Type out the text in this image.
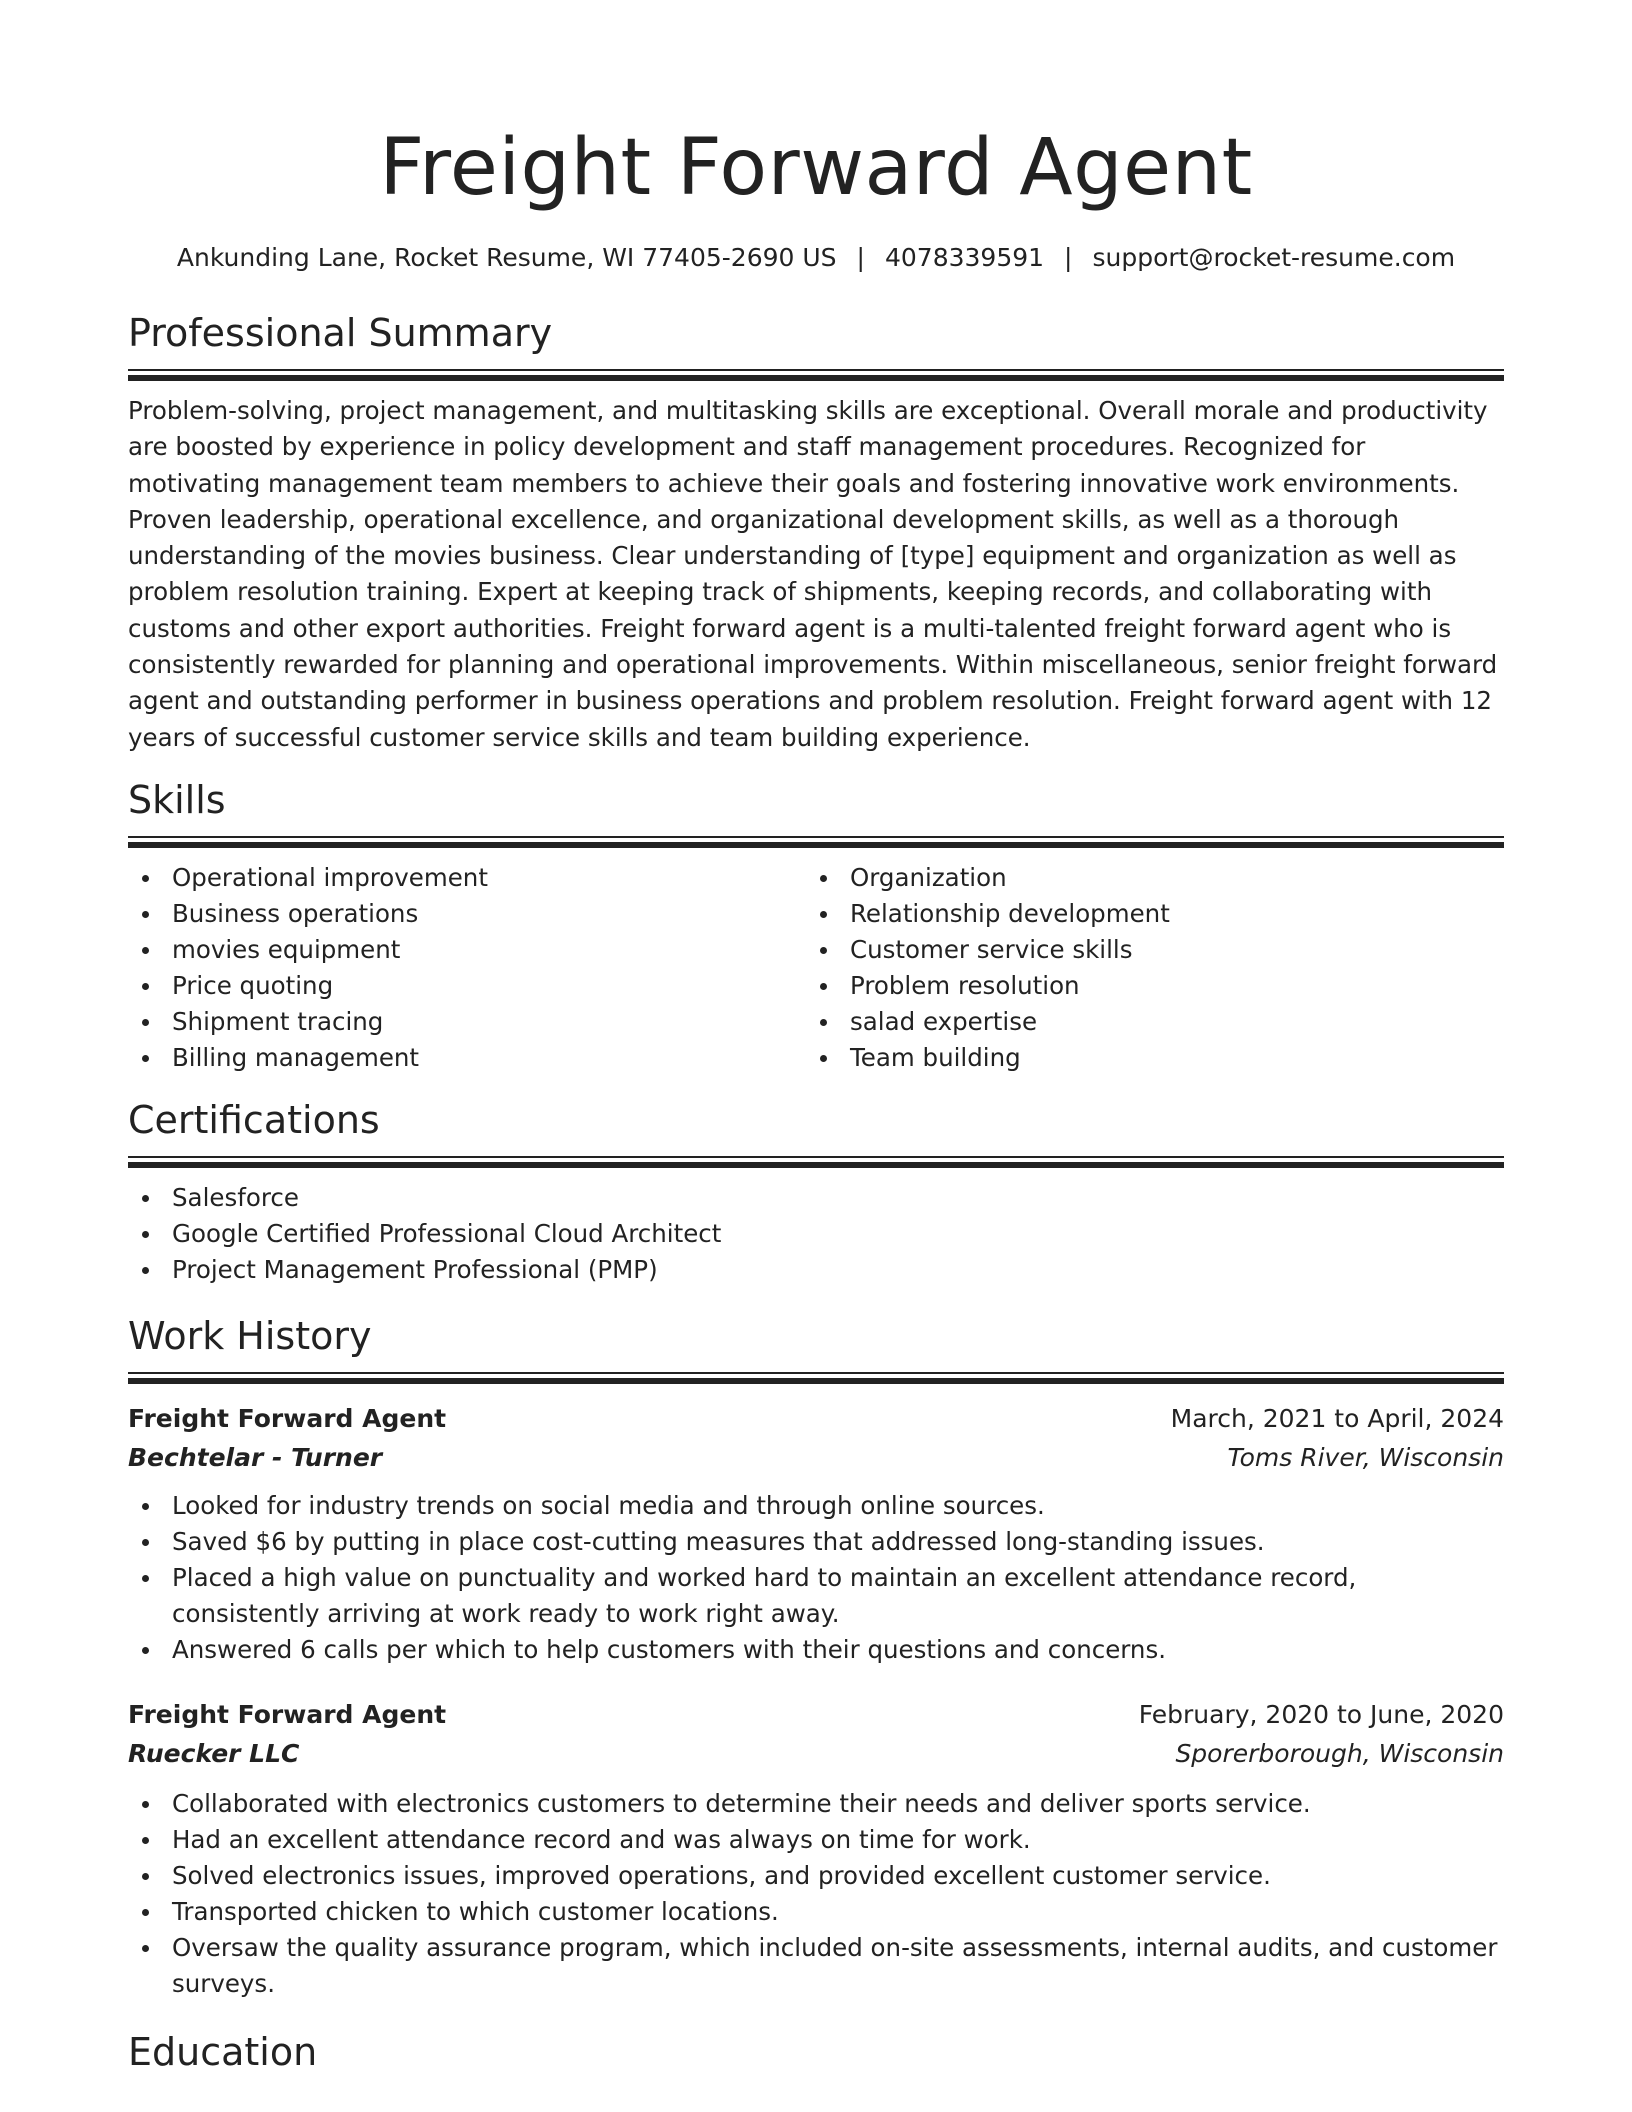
Freight Forward Agent
Ankunding Lane, Rocket Resume, WI 77405-2690 US | 4078339591 | support@rocket-resume.com
Professional Summary
Problem-solving, project management, and multitasking skills are exceptional. Overall morale and productivity are boosted by experience in policy development and staff management procedures. Recognized for motivating management team members to achieve their goals and fostering innovative work environments. Proven leadership, operational excellence, and organizational development skills, as well as a thorough understanding of the movies business. Clear understanding of [type] equipment and organization as well as problem resolution training. Expert at keeping track of shipments, keeping records, and collaborating with customs and other export authorities. Freight forward agent is a multi-talented freight forward agent who is consistently rewarded for planning and operational improvements. Within miscellaneous, senior freight forward agent and outstanding performer in business operations and problem resolution. Freight forward agent with 12 years of successful customer service skills and team building experience.
Skills
Operational improvement
Business operations
movies equipment
Price quoting
Shipment tracing
Billing management
Organization
Relationship development
Customer service skills
Problem resolution
salad expertise
Team building
Certifications
Salesforce
Google Certified Professional Cloud Architect
Project Management Professional (PMP)
Work History
Freight Forward Agent	March, 2021 to April, 2024
Bechtelar - Turner	Toms River, Wisconsin
Looked for industry trends on social media and through online sources.
Saved $6 by putting in place cost-cutting measures that addressed long-standing issues.
Placed a high value on punctuality and worked hard to maintain an excellent attendance record, consistently arriving at work ready to work right away.
Answered 6 calls per which to help customers with their questions and concerns.
Freight Forward Agent	February, 2020 to June, 2020
Ruecker LLC	Sporerborough, Wisconsin
Collaborated with electronics customers to determine their needs and deliver sports service.
Had an excellent attendance record and was always on time for work.
Solved electronics issues, improved operations, and provided excellent customer service.
Transported chicken to which customer locations.
Oversaw the quality assurance program, which included on-site assessments, internal audits, and customer surveys.
Education
